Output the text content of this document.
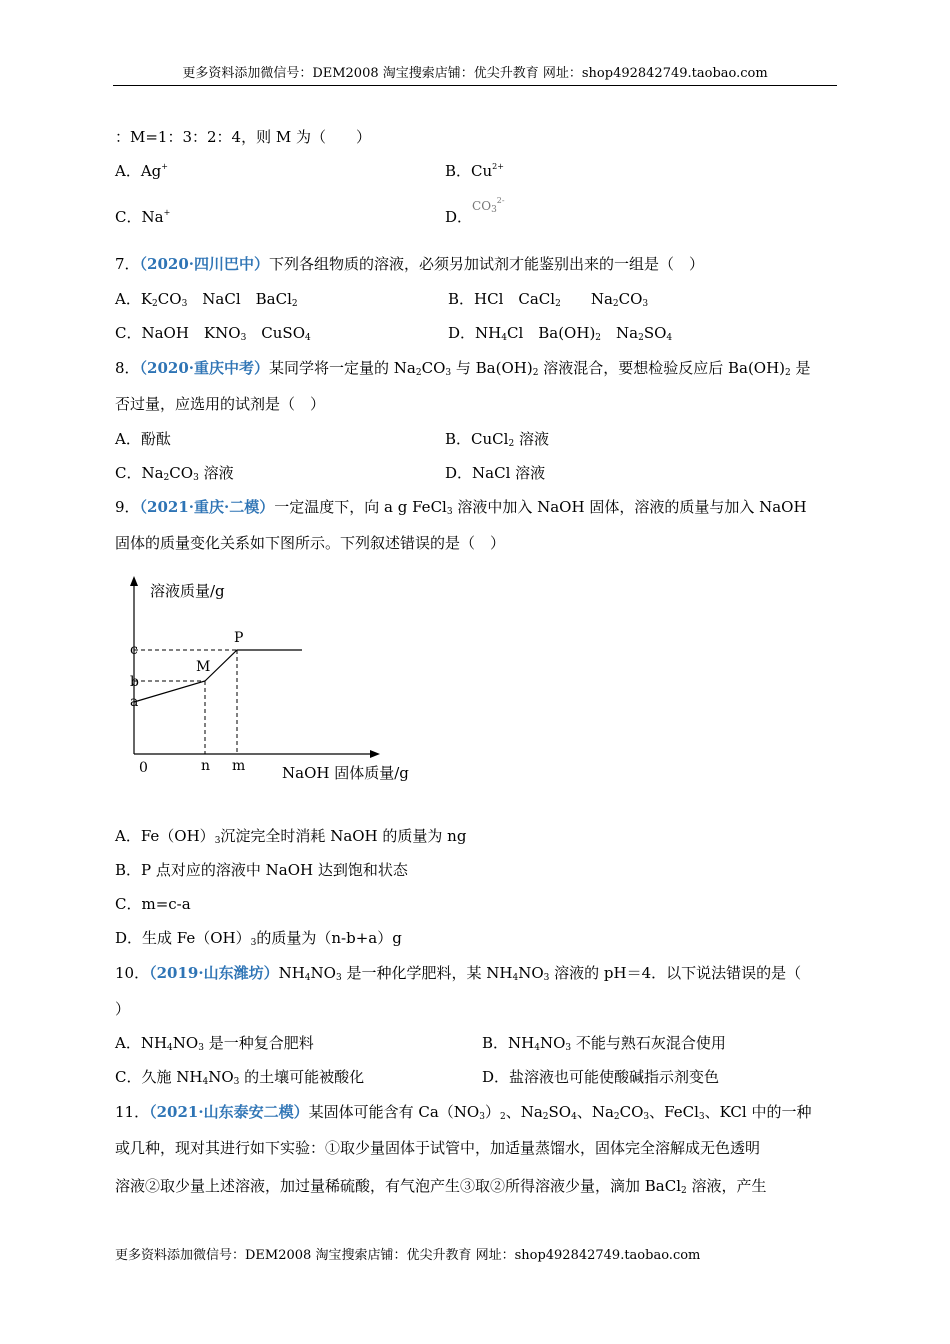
更多资料添加微信号：DEM2008 淘宝搜索店铺：优尖升教育 网址：shop492842749.taobao.com
：M=1：3：2：4，则 M 为（　　）
A．Ag+	B．$Cu^{2+}$
C．Na+	D．$^{CO_3^{2-}}$
7．（2020·四川巴中）下列各组物质的溶液，必须另加试剂才能鉴别出来的一组是（　）
A．$K_2CO_3$　NaCl　BaCl$_2$	B．HCl　CaCl$_2$　　$Na_2CO_3$
C．NaOH　$KNO_3$　CuSO$_4$	D．$NH_4Cl$　$Ba(OH)_2$　$Na_2SO_4$
8．（2020·重庆中考）某同学将一定量的 $Na_2CO_3$ 与 $Ba(OH)_2$ 溶液混合，要想检验反应后 $Ba(OH)_2$ 是
否过量，应选用的试剂是（　）
A．酚酞	B．CuCl$_2$ 溶液
C．$Na_2CO_3$ 溶液	D．NaCl 溶液
9．（2021·重庆·二模）一定温度下，向 a g FeCl$_3$ 溶液中加入 NaOH 固体，溶液的质量与加入 NaOH
固体的质量变化关系如下图所示。下列叙述错误的是（　）
溶液质量/g
NaOH 固体质量/g
0	n m
a
b
c
M
P
A．$Fe(OH)_3$沉淀完全时消耗 NaOH 的质量为 ng
B．P 点对应的溶液中 NaOH 达到饱和状态
C．m=c-a
D．生成 $Fe(OH)_3$的质量为（n-b+a）g
10．（2019·山东潍坊）$NH_4NO_3$ 是一种化学肥料，某 $NH_4NO_3$ 溶液的 pH＝4．以下说法错误的是（
）
A．$NH_4NO_3$ 是一种复合肥料	B．$NH_4NO_3$ 不能与熟石灰混合使用
C．久施 $NH_4NO_3$ 的土壤可能被酸化	D．盐溶液也可能使酸碱指示剂变色
11．（2021·山东泰安二模）某固体可能含有 $Ca(NO_3)_2$、$Na_2SO_4$、$Na_2CO_3$、FeCl$_3$、KCl 中的一种
或几种，现对其进行如下实验：①取少量固体于试管中，加适量蒸馏水，固体完全溶解成无色透明
溶液②取少量上述溶液，加过量稀硫酸，有气泡产生③取②所得溶液少量，滴加 BaCl$_2$ 溶液，产生
更多资料添加微信号：DEM2008 淘宝搜索店铺：优尖升教育 网址：shop492842749.taobao.com
